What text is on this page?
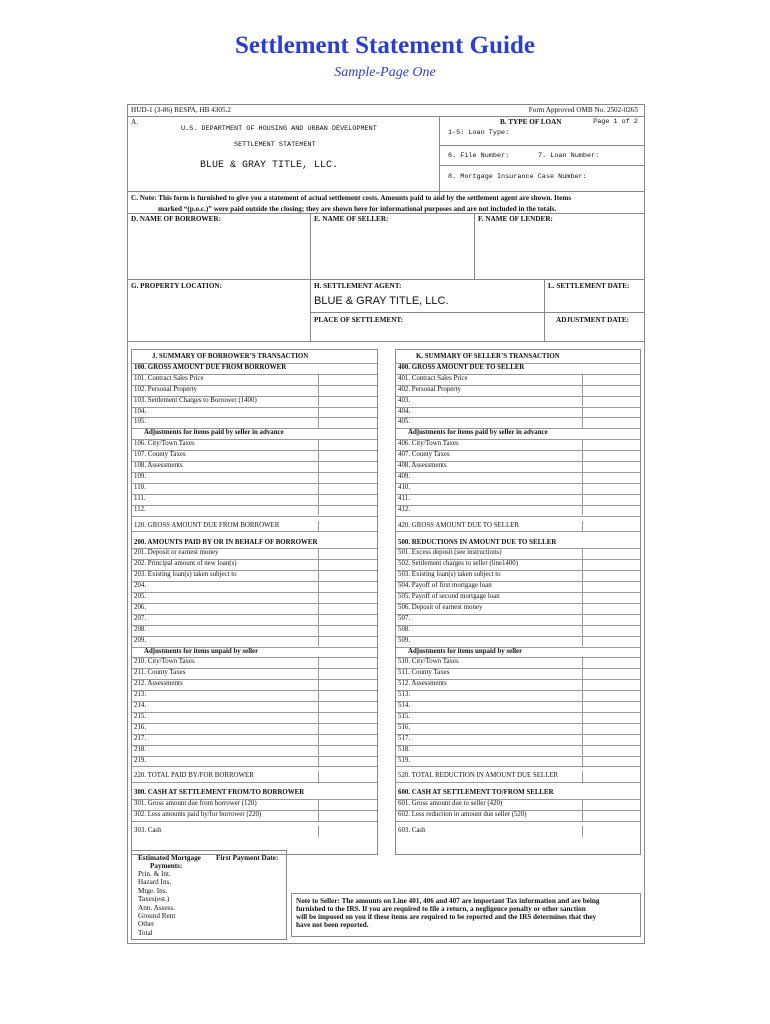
Settlement Statement Guide
Sample-Page One
HUD-1 (3-86) RESPA, HB 4305.2	Form Approved OMB No. 2502-0265
A.
U.S. DEPARTMENT OF HOUSING AND URBAN DEVELOPMENT
SETTLEMENT STATEMENT
BLUE & GRAY TITLE, LLC.
B. TYPE OF LOAN	Page 1 of 2
1-5: Loan Type:
6. File Number:	7. Loan Number:
8. Mortgage Insurance Case Number:
C. Note: This form is furnished to give you a statement of actual settlement costs. Amounts paid to and by the settlement agent are shown. Items
marked “(p.o.c.)” were paid outside the closing; they are shown here for informational purposes and are not included in the totals.
D. NAME OF BORROWER:	E. NAME OF SELLER:	F. NAME OF LENDER:
G. PROPERTY LOCATION:	H. SETTLEMENT AGENT:	L. SETTLEMENT DATE:
BLUE & GRAY TITLE, LLC.
PLACE OF SETTLEMENT:	ADJUSTMENT DATE:
J. SUMMARY OF BORROWER’S TRANSACTION
100. GROSS AMOUNT DUE FROM BORROWER
101. Contract Sales Price
102. Personal Property
103. Settlement Charges to Borrower (1400)
104.
105.
Adjustments for items paid by seller in advance
106. City/Town Taxes
107. County Taxes
108. Assessments
109.
110.
111.
112.
120. GROSS AMOUNT DUE FROM BORROWER
200. AMOUNTS PAID BY OR IN BEHALF OF BORROWER
201. Deposit or earnest money
202. Principal amount of new loan(s)
203. Existing loan(s) taken subject to
204.
205.
206.
207.
208.
209.
Adjustments for items unpaid by seller
210. City/Town Taxes
211. County Taxes
212. Assessments
213.
214.
215.
216.
217.
218.
219.
220. TOTAL PAID BY/FOR BORROWER
300. CASH AT SETTLEMENT FROM/TO BORROWER
301. Gross amount due from borrower (120)
302. Less amounts paid by/for borrower (220)
303. Cash
K. SUMMARY OF SELLER’S TRANSACTION
400. GROSS AMOUNT DUE TO SELLER
401. Contract Sales Price
402. Personal Property
403.
404.
405.
Adjustments for items paid by seller in advance
406. City/Town Taxes
407. County Taxes
408. Assessments
409.
410.
411.
412.
420. GROSS AMOUNT DUE TO SELLER
500. REDUCTIONS IN AMOUNT DUE TO SELLER
501. Excess deposit (see instructions)
502. Settlement charges to seller (line1400)
503. Existing loan(s) taken subject to
504. Payoff of first mortgage loan
505. Payoff of second mortgage loan
506. Deposit of earnest money
507.
508.
509.
Adjustments for items unpaid by seller
510. City/Town Taxes
511. County Taxes
512. Assessments
513.
514.
515.
516.
517.
518.
519.
520. TOTAL REDUCTION IN AMOUNT DUE SELLER
600. CASH AT SETTLEMENT TO/FROM SELLER
601. Gross amount due to seller (420)
602. Less reduction in amount due seller (520)
603. Cash
Estimated Mortgage
Payments:
First Payment Date:
Prin. & Int.
Hazard Ins.
Mtge. Ins.
Taxes(est.)
Ann. Assess.
Ground Rent
Other
Total
Note to Seller: The amounts on Line 401, 406 and 407 are important Tax information and are being
furnished to the IRS. If you are required to file a return, a negligence penalty or other sanction
will be imposed on you if these items are required to be reported and the IRS determines that they
have not been reported.
